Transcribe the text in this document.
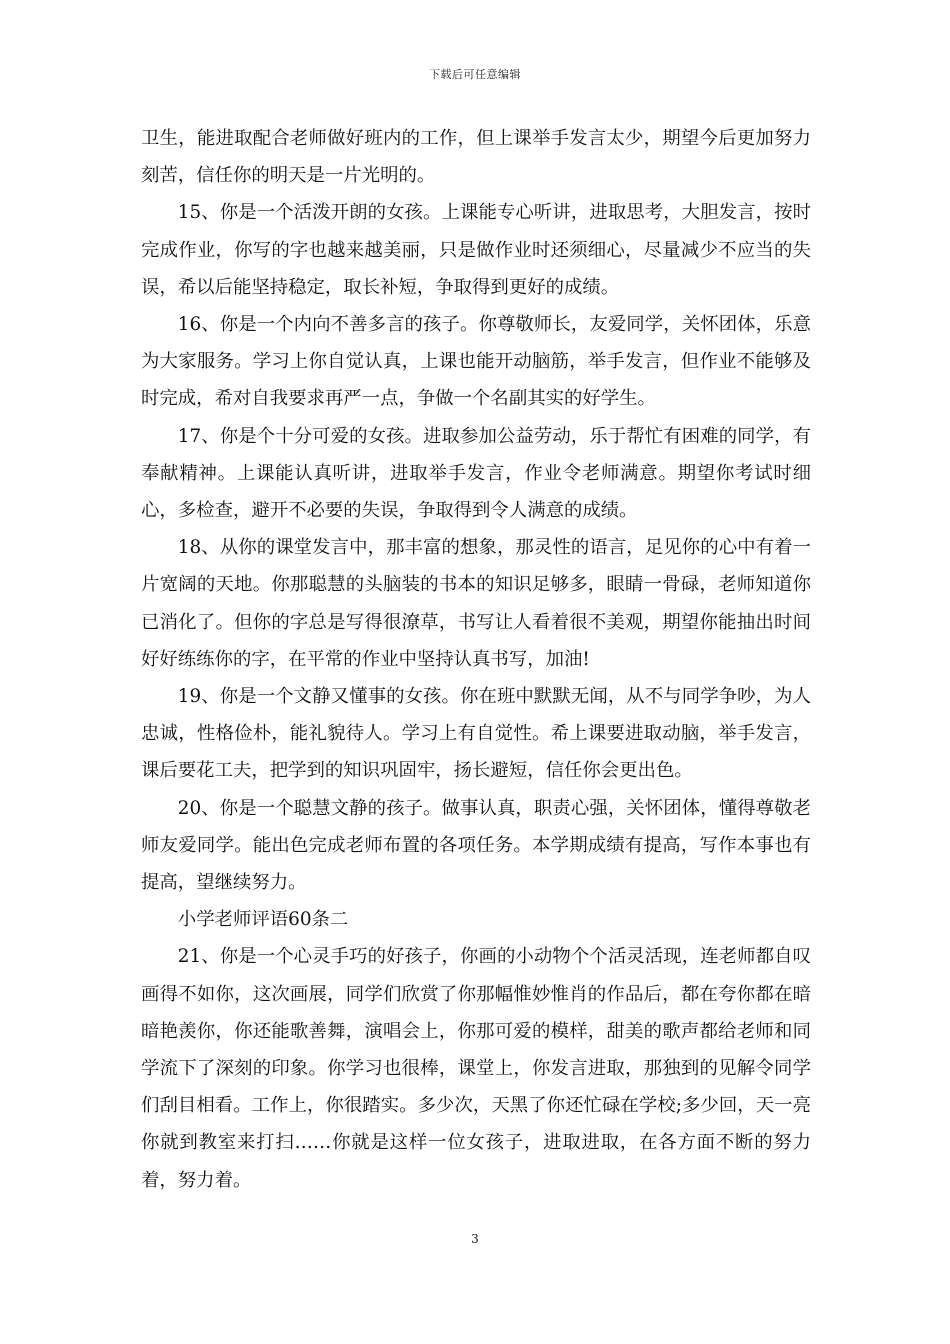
下载后可任意编辑

卫生，能进取配合老师做好班内的工作，但上课举手发言太少，期望今后更加努力刻苦，信任你的明天是一片光明的。

15、你是一个活泼开朗的女孩。上课能专心听讲，进取思考，大胆发言，按时完成作业，你写的字也越来越美丽，只是做作业时还须细心，尽量减少不应当的失误，希以后能坚持稳定，取长补短，争取得到更好的成绩。

16、你是一个内向不善多言的孩子。你尊敬师长，友爱同学，关怀团体，乐意为大家服务。学习上你自觉认真，上课也能开动脑筋，举手发言，但作业不能够及时完成，希对自我要求再严一点，争做一个名副其实的好学生。

17、你是个十分可爱的女孩。进取参加公益劳动，乐于帮忙有困难的同学，有奉献精神。上课能认真听讲，进取举手发言，作业令老师满意。期望你考试时细心，多检查，避开不必要的失误，争取得到令人满意的成绩。

18、从你的课堂发言中，那丰富的想象，那灵性的语言，足见你的心中有着一片宽阔的天地。你那聪慧的头脑装的书本的知识足够多，眼睛一骨碌，老师知道你已消化了。但你的字总是写得很潦草，书写让人看着很不美观，期望你能抽出时间好好练练你的字，在平常的作业中坚持认真书写，加油!

19、你是一个文静又懂事的女孩。你在班中默默无闻，从不与同学争吵，为人忠诚，性格俭朴，能礼貌待人。学习上有自觉性。希上课要进取动脑，举手发言，课后要花工夫，把学到的知识巩固牢，扬长避短，信任你会更出色。

20、你是一个聪慧文静的孩子。做事认真，职责心强，关怀团体，懂得尊敬老师友爱同学。能出色完成老师布置的各项任务。本学期成绩有提高，写作本事也有提高，望继续努力。

小学老师评语60条二

21、你是一个心灵手巧的好孩子，你画的小动物个个活灵活现，连老师都自叹画得不如你，这次画展，同学们欣赏了你那幅惟妙惟肖的作品后，都在夸你都在暗暗艳羡你，你还能歌善舞，演唱会上，你那可爱的模样，甜美的歌声都给老师和同学流下了深刻的印象。你学习也很棒，课堂上，你发言进取，那独到的见解令同学们刮目相看。工作上，你很踏实。多少次，天黑了你还忙碌在学校;多少回，天一亮你就到教室来打扫……你就是这样一位女孩子，进取进取，在各方面不断的努力着，努力着。

3
